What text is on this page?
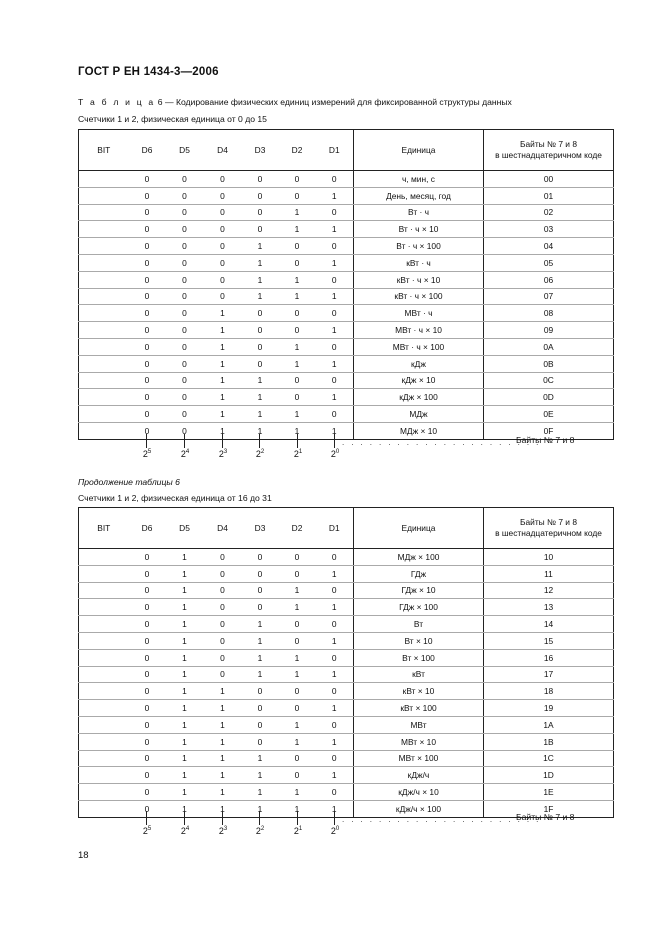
ГОСТ Р ЕН 1434-3—2006
Т а б л и ц а 6 — Кодирование физических единиц измерений для фиксированной структуры данных
Счетчики 1 и 2, физическая единица от 0 до 15
BIT	D6	D5	D4	D3	D2	D1	Единица	Байты № 7 и 8
в шестнадцатеричном коде
	0	0	0	0	0	0	ч, мин, с	00
	0	0	0	0	0	1	День, месяц, год	01
	0	0	0	0	1	0	Вт · ч	02
	0	0	0	0	1	1	Вт · ч × 10	03
	0	0	0	1	0	0	Вт · ч × 100	04
	0	0	0	1	0	1	кВт · ч	05
	0	0	0	1	1	0	кВт · ч × 10	06
	0	0	0	1	1	1	кВт · ч × 100	07
	0	0	1	0	0	0	МВт · ч	08
	0	0	1	0	0	1	МВт · ч × 10	09
	0	0	1	0	1	0	МВт · ч × 100	0A
	0	0	1	0	1	1	кДж	0B
	0	0	1	1	0	0	кДж × 10	0C
	0	0	1	1	0	1	кДж × 100	0D
	0	0	1	1	1	0	МДж	0E
	0	0	1	1	1	1	МДж × 10	0F
$2^5$	$2^4$	$2^3$	$2^2$	$2^1$	$2^0$
. . . . . . . . . . . . . . . . . . . . . .
Байты № 7 и 8
Продолжение таблицы 6
Счетчики 1 и 2, физическая единица от 16 до 31
BIT	D6	D5	D4	D3	D2	D1	Единица	Байты № 7 и 8
в шестнадцатеричном коде
	0	1	0	0	0	0	МДж × 100	10
	0	1	0	0	0	1	ГДж	11
	0	1	0	0	1	0	ГДж × 10	12
	0	1	0	0	1	1	ГДж × 100	13
	0	1	0	1	0	0	Вт	14
	0	1	0	1	0	1	Вт × 10	15
	0	1	0	1	1	0	Вт × 100	16
	0	1	0	1	1	1	кВт	17
	0	1	1	0	0	0	кВт × 10	18
	0	1	1	0	0	1	кВт × 100	19
	0	1	1	0	1	0	МВт	1A
	0	1	1	0	1	1	МВт × 10	1B
	0	1	1	1	0	0	МВт × 100	1C
	0	1	1	1	0	1	кДж/ч	1D
	0	1	1	1	1	0	кДж/ч × 10	1E
	0	1	1	1	1	1	кДж/ч × 100	1F
$2^5$	$2^4$	$2^3$	$2^2$	$2^1$	$2^0$
. . . . . . . . . . . . . . . . . . . . . .
Байты № 7 и 8
18
